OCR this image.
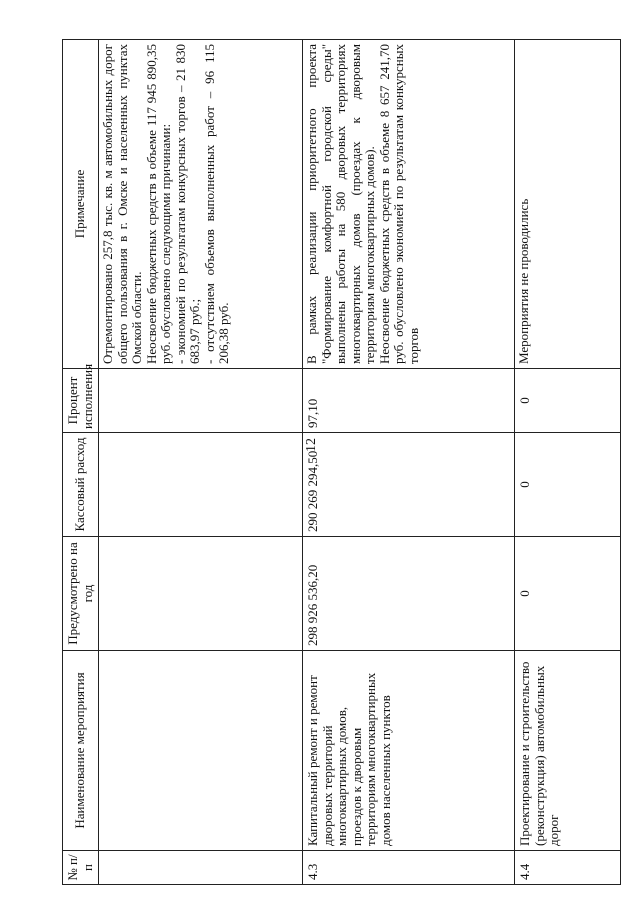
12
№ п/п	Наименование мероприятия	Предусмотрено на год	Кассовый расход	Процент исполнения	Примечание

					Отремонтировано 257,8 тыс. кв. м автомобильных дорог общего пользования в г. Омске и населенных пунктах Омской области. Неосвоение бюджетных средств в объеме 117 945 890,35 руб. обусловлено следующими причинами: - экономией по результатам конкурсных торгов – 21 830 683,97 руб.; - отсутствием объемов выполненных работ – 96 115 206,38 руб.

4.3	Капитальный ремонт и ремонт дворовых территорий многоквартирных домов, проездов к дворовым территориям многоквартирных домов населенных пунктов	298 926 536,20	290 269 294,50	97,10	В рамках реализации приоритетного проекта "Формирование комфортной городской среды" выполнены работы на 580 дворовых территориях многоквартирных домов (проездах к дворовым территориям многоквартирных домов). Неосвоение бюджетных средств в объеме 8 657 241,70 руб. обусловлено экономией по результатам конкурсных торгов

4.4	Проектирование и строительство (реконструкция) автомобильных дорог	0	0	0	Мероприятия не проводились
